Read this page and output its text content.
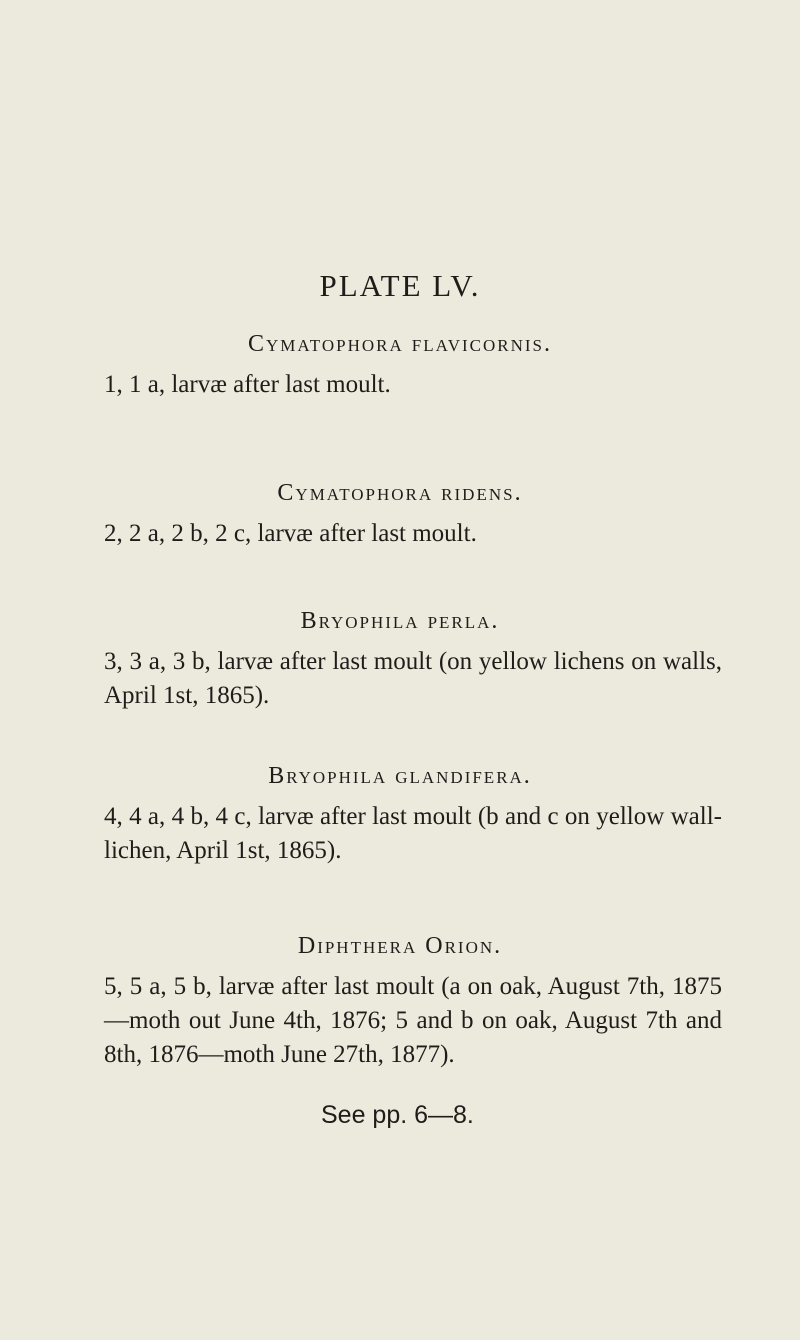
PLATE LV.
Cymatophora flavicornis.
1, 1 a, larvæ after last moult.
Cymatophora ridens.
2, 2 a, 2 b, 2 c, larvæ after last moult.
Bryophila perla.
3, 3 a, 3 b, larvæ after last moult (on yellow lichens on walls, April 1st, 1865).
Bryophila glandifera.
4, 4 a, 4 b, 4 c, larvæ after last moult (b and c on yellow wall-lichen, April 1st, 1865).
Diphthera Orion.
5, 5 a, 5 b, larvæ after last moult (a on oak, August 7th, 1875—moth out June 4th, 1876; 5 and b on oak, August 7th and 8th, 1876—moth June 27th, 1877).
See pp. 6—8.
